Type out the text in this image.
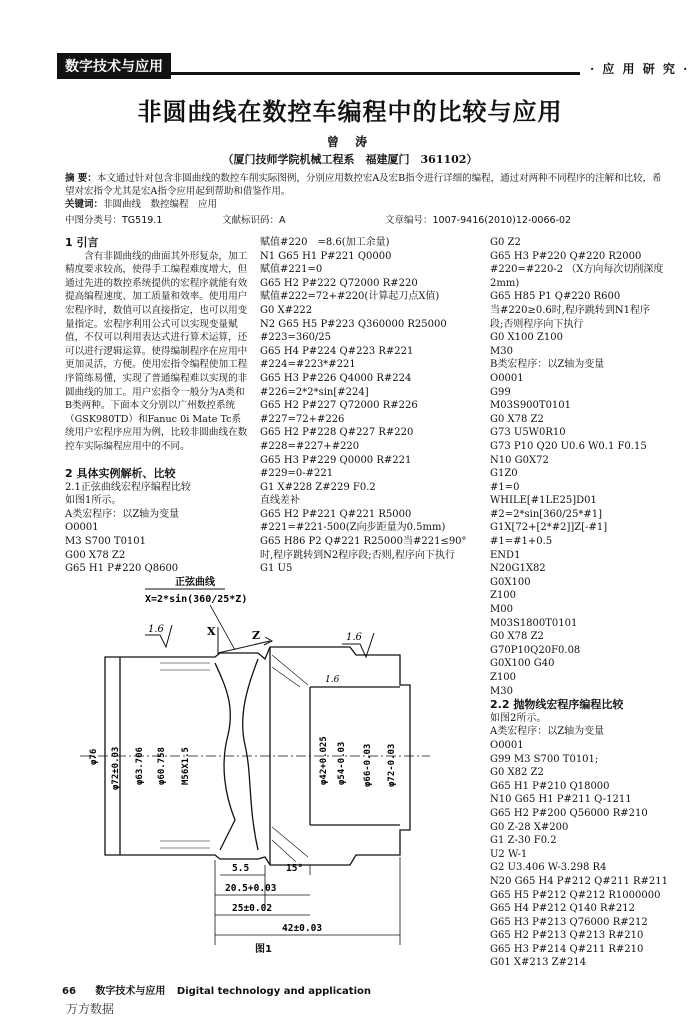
数字技术与应用	· 应 用 研 究 ·
非圆曲线在数控车编程中的比较与应用
曾 涛
（厦门技师学院机械工程系　福建厦门　361102）
摘 要：本文通过针对包含非圆曲线的数控车削实际图例，分别应用数控宏A及宏B指令进行详细的编程，通过对两种不同程序的注解和比较，希望对宏指令尤其是宏A指令应用起到帮助和借鉴作用。
关键词：非圆曲线　数控编程　应用
中图分类号：TG519.1	文献标识码：A	文章编号：1007-9416(2010)12-0066-02
1 引言
含有非圆曲线的曲面其外形复杂，加工精度要求较高，使得手工编程难度增大，但通过先进的数控系统提供的宏程序就能有效提高编程速度、加工质量和效率。使用用户宏程序时，数值可以直接指定，也可以用变量指定。宏程序利用公式可以实现变量赋值，不仅可以利用表达式进行算术运算，还可以进行逻辑运算。使得编制程序在应用中更加灵活，方便。使用宏指令编程使加工程序简练易懂，实现了普通编程难以实现的非圆曲线的加工。用户宏指令一般分为A类和B类两种。下面本文分别以广州数控系统（GSK980TD）和Fanuc 0i Mate Tc系统用户宏程序应用为例，比较非圆曲线在数控车实际编程应用中的不同。
2 具体实例解析、比较
2.1正弦曲线宏程序编程比较
如图1所示。
A类宏程序：以Z轴为变量
O0001
M3 S700 T0101
G00 X78 Z2
G65 H1 P#220 Q8600
赋值#220　=8.6(加工余量)
N1 G65 H1 P#221 Q0000
赋值#221=0
G65 H2 P#222 Q72000 R#220
赋值#222=72+#220(计算起刀点X值)
G0 X#222
N2 G65 H5 P#223 Q360000 R25000
#223=360/25
G65 H4 P#224 Q#223 R#221
#224=#223*#221
G65 H3 P#226 Q4000 R#224
#226=2*2*sin[#224]
G65 H2 P#227 Q72000 R#226
#227=72+#226
G65 H2 P#228 Q#227 R#220
#228=#227+#220
G65 H3 P#229 Q0000 R#221
#229=0-#221
G1 X#228 Z#229 F0.2
直线差补
G65 H2 P#221 Q#221 R5000
#221=#221-500(Z向步距量为0.5mm)
G65 H86 P2 Q#221 R25000当#221≤90°
时,程序跳转到N2程序段;否则,程序向下执行
G1 U5
G0 Z2
G65 H3 P#220 Q#220 R2000
#220=#220-2 （X方向每次切削深度
2mm)
G65 H85 P1 Q#220 R600
当#220≥0.6时,程序跳转到N1程序
段;否则程序向下执行
G0 X100 Z100
M30
B类宏程序：以Z轴为变量
O0001
G99
M03S900T0101
G0 X78 Z2
G73 U5W0R10
G73 P10 Q20 U0.6 W0.1 F0.15
N10 G0X72
G1Z0
#1=0
WHILE[#1LE25]D01
#2=2*sin[360/25*#1]
G1X[72+[2*#2]]Z[-#1]
#1=#1+0.5
END1
N20G1X82
G0X100
Z100
M00
M03S1800T0101
G0 X78 Z2
G70P10Q20F0.08
G0X100 G40
Z100
M30
2.2 抛物线宏程序编程比较
如图2所示。
A类宏程序：以Z轴为变量
O0001
G99 M3 S700 T0101;
G0 X82 Z2
G65 H1 P#210 Q18000
N10 G65 H1 P#211 Q-1211
G65 H2 P#200 Q56000 R#210
G0 Z-28 X#200
G1 Z-30 F0.2
U2 W-1
G2 U3.406 W-3.298 R4
N20 G65 H4 P#212 Q#211 R#211
G65 H5 P#212 Q#212 R1000000
G65 H4 P#212 Q140 R#212
G65 H3 P#213 Q76000 R#212
G65 H2 P#213 Q#213 R#210
G65 H3 P#214 Q#211 R#210
G01 X#213 Z#214
正弦曲线
X=2*sin(360/25*Z)
1.6	X	Z	1.6
1.6
φ76 φ72±0.03 φ63.706 φ60.758 M56X1.5	φ42+0.025 φ54-0.03 φ66-0.03 φ72-0.03
5.5	15°
20.5+0.03
25±0.02
42±0.03
图1
66 数字技术与应用 Digital technology and application
万方数据
